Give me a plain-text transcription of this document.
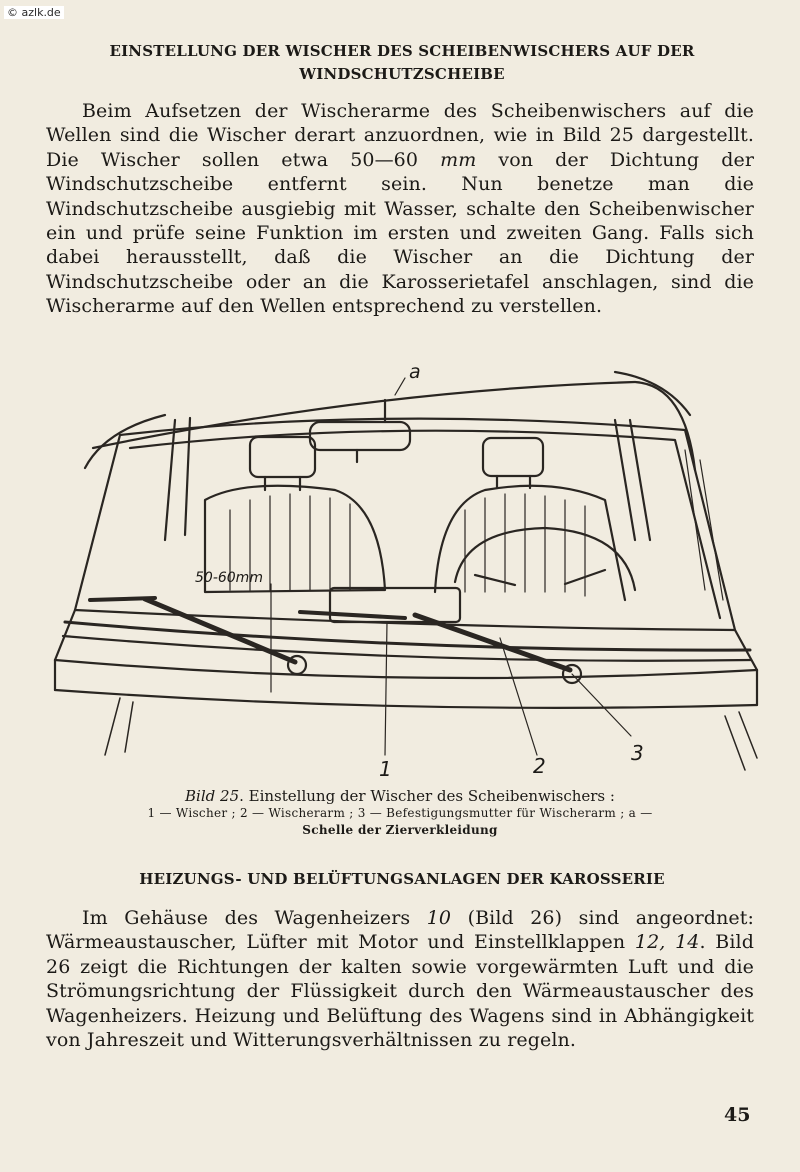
© azlk.de
EINSTELLUNG DER WISCHER DES SCHEIBENWISCHERS AUF DER
WINDSCHUTZSCHEIBE
Beim Aufsetzen der Wischerarme des Scheibenwischers auf die Wellen sind die Wischer derart anzuordnen, wie in Bild 25 dargestellt. Die Wischer sollen etwa 50—60 mm von der Dichtung der Windschutzscheibe entfernt sein. Nun benetze man die Windschutzscheibe ausgiebig mit Wasser, schalte den Scheibenwischer ein und prüfe seine Funktion im ersten und zweiten Gang. Falls sich dabei herausstellt, daß die Wischer an die Dichtung der Windschutzscheibe oder an die Karosserietafel anschlagen, sind die Wischerarme auf den Wellen entsprechend zu verstellen.
a
50-60mm
1	2
3
Bild 25. Einstellung der Wischer des Scheibenwischers :
1 — Wischer ; 2 — Wischerarm ; 3 — Befestigungsmutter für Wischerarm ; a —
Schelle der Zierverkleidung
HEIZUNGS- UND BELÜFTUNGSANLAGEN DER KAROSSERIE
Im Gehäuse des Wagenheizers 10 (Bild 26) sind angeordnet: Wärmeaustauscher, Lüfter mit Motor und Einstellklappen 12, 14. Bild 26 zeigt die Richtungen der kalten sowie vorgewärmten Luft und die Strömungsrichtung der Flüssigkeit durch den Wärmeaustauscher des Wagenheizers. Heizung und Belüftung des Wagens sind in Abhängigkeit von Jahreszeit und Witterungsverhältnissen zu regeln.
45
